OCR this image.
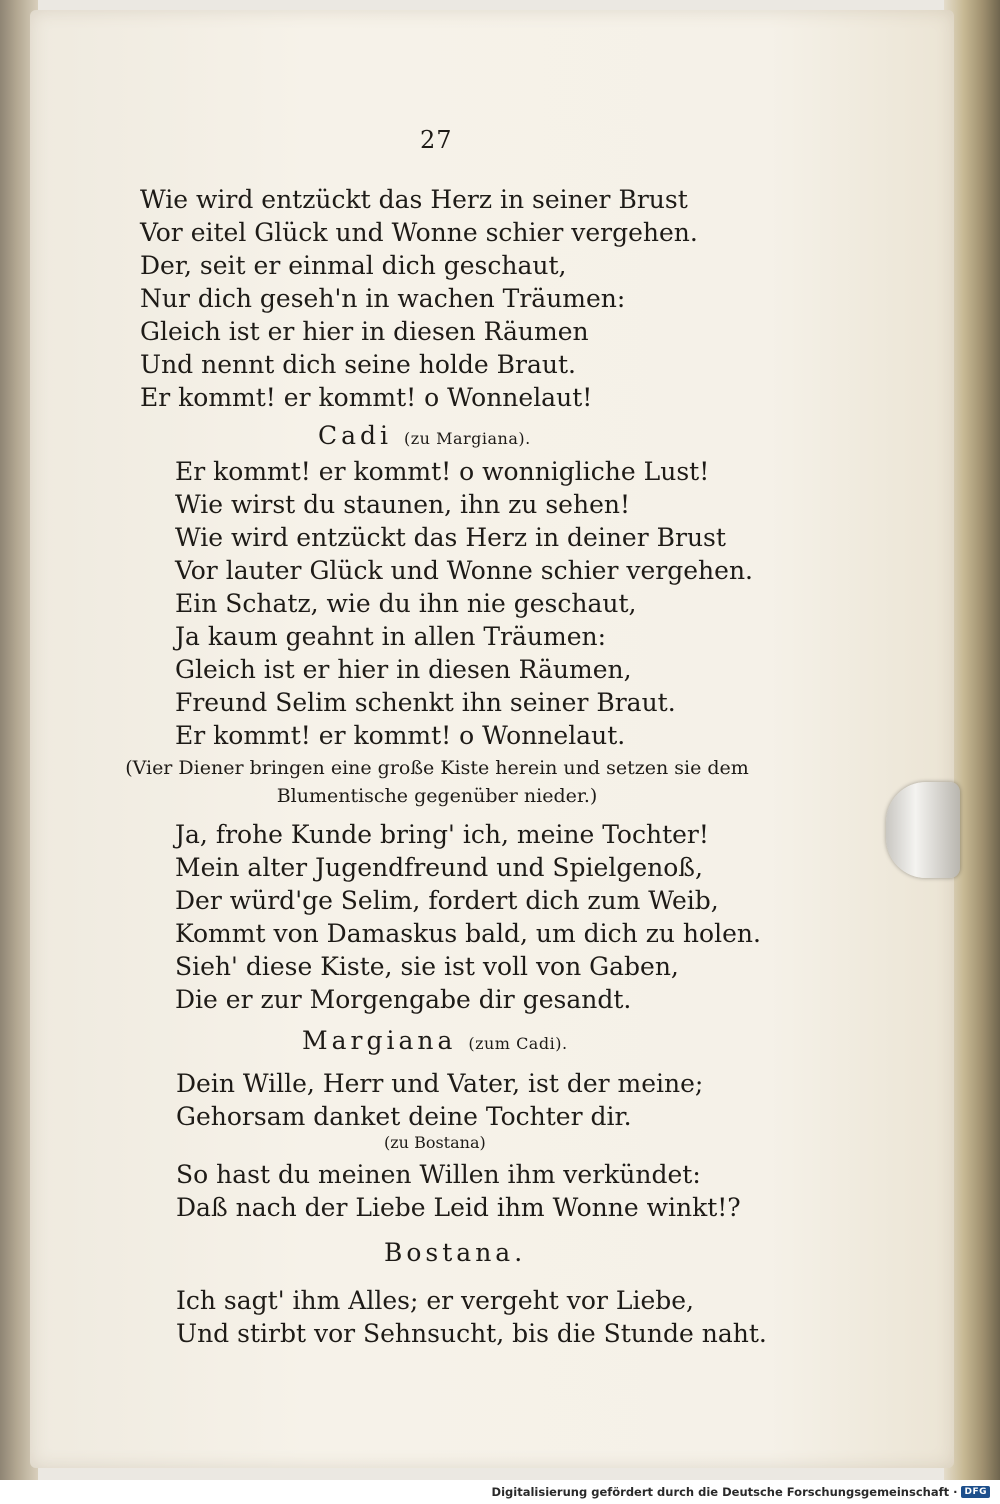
27
Wie wird entzückt das Herz in seiner Brust
Vor eitel Glück und Wonne schier vergehen.
Der, seit er einmal dich geschaut,
Nur dich geseh'n in wachen Träumen:
Gleich ist er hier in diesen Räumen
Und nennt dich seine holde Braut.
Er kommt! er kommt! o Wonnelaut!
Cadi (zu Margiana).
Er kommt! er kommt! o wonnigliche Lust!
Wie wirst du staunen, ihn zu sehen!
Wie wird entzückt das Herz in deiner Brust
Vor lauter Glück und Wonne schier vergehen.
Ein Schatz, wie du ihn nie geschaut,
Ja kaum geahnt in allen Träumen:
Gleich ist er hier in diesen Räumen,
Freund Selim schenkt ihn seiner Braut.
Er kommt! er kommt! o Wonnelaut.
(Vier Diener bringen eine große Kiste herein und setzen sie dem Blumentische gegenüber nieder.)
Ja, frohe Kunde bring' ich, meine Tochter!
Mein alter Jugendfreund und Spielgenoß,
Der würd'ge Selim, fordert dich zum Weib,
Kommt von Damaskus bald, um dich zu holen.
Sieh' diese Kiste, sie ist voll von Gaben,
Die er zur Morgengabe dir gesandt.
Margiana (zum Cadi).
Dein Wille, Herr und Vater, ist der meine;
Gehorsam danket deine Tochter dir.
(zu Bostana)
So hast du meinen Willen ihm verkündet:
Daß nach der Liebe Leid ihm Wonne winkt!?
Bostana.
Ich sagt' ihm Alles; er vergeht vor Liebe,
Und stirbt vor Sehnsucht, bis die Stunde naht.
Digitalisierung gefördert durch die Deutsche Forschungsgemeinschaft · DFG
